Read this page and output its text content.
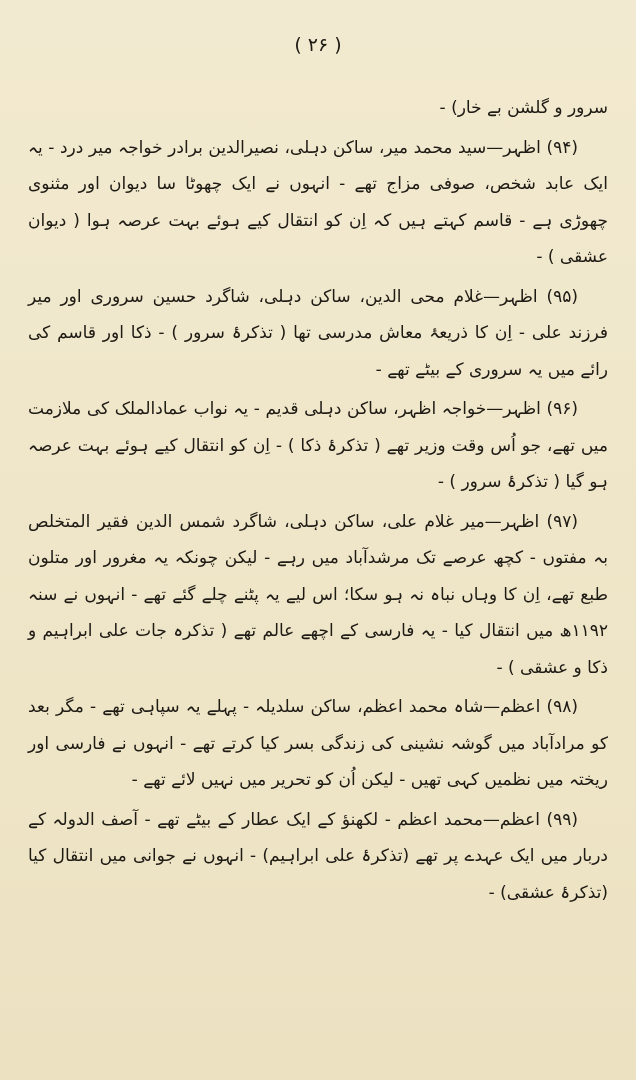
( ۲۶ )

سرور و گلشن بے خار) -

(۹۴) اظہر—سید محمد میر، ساکن دہلی، نصیرالدین برادر خواجہ میر درد - یہ ایک عابد شخص، صوفی مزاج تھے - انہوں نے ایک چھوٹا سا دیوان اور مثنوی چھوڑی ہے - قاسم کہتے ہیں کہ اِن کو انتقال کیے ہوئے بہت عرصہ ہوا ( دیوان عشقی ) -

(۹۵) اظہر—غلام محی الدین، ساکن دہلی، شاگرد حسین سروری اور میر فرزند علی - اِن کا ذریعۂ معاش مدرسی تھا ( تذکرۂ سرور ) - ذکا اور قاسم کی رائے میں یہ سروری کے بیٹے تھے -

(۹۶) اظہر—خواجہ اظہر، ساکن دہلی قدیم - یہ نواب عمادالملک کی ملازمت میں تھے، جو اُس وقت وزیر تھے ( تذکرۂ ذکا ) - اِن کو انتقال کیے ہوئے بہت عرصہ ہو گیا ( تذکرۂ سرور ) -

(۹۷) اظہر—میر غلام علی، ساکن دہلی، شاگرد شمس الدین فقیر المتخلص بہ مفتوں - کچھ عرصے تک مرشدآباد میں رہے - لیکن چونکہ یہ مغرور اور متلون طبع تھے، اِن کا وہاں نباہ نہ ہو سکا؛ اس لیے یہ پٹنے چلے گئے تھے - انہوں نے سنہ ۱۱۹۲ھ میں انتقال کیا - یہ فارسی کے اچھے عالم تھے ( تذکرہ جات علی ابراہیم و ذکا و عشقی ) -

(۹۸) اعظم—شاہ محمد اعظم، ساکن سلدیلہ - پہلے یہ سپاہی تھے - مگر بعد کو مرادآباد میں گوشہ نشینی کی زندگی بسر کیا کرتے تھے - انہوں نے فارسی اور ریختہ میں نظمیں کہی تھیں - لیکن اُن کو تحریر میں نہیں لائے تھے -

(۹۹) اعظم—محمد اعظم - لکھنؤ کے ایک عطار کے بیٹے تھے - آصف الدولہ کے دربار میں ایک عہدے پر تھے (تذکرۂ علی ابراہیم) - انہوں نے جوانی میں انتقال کیا (تذکرۂ عشقی) -
